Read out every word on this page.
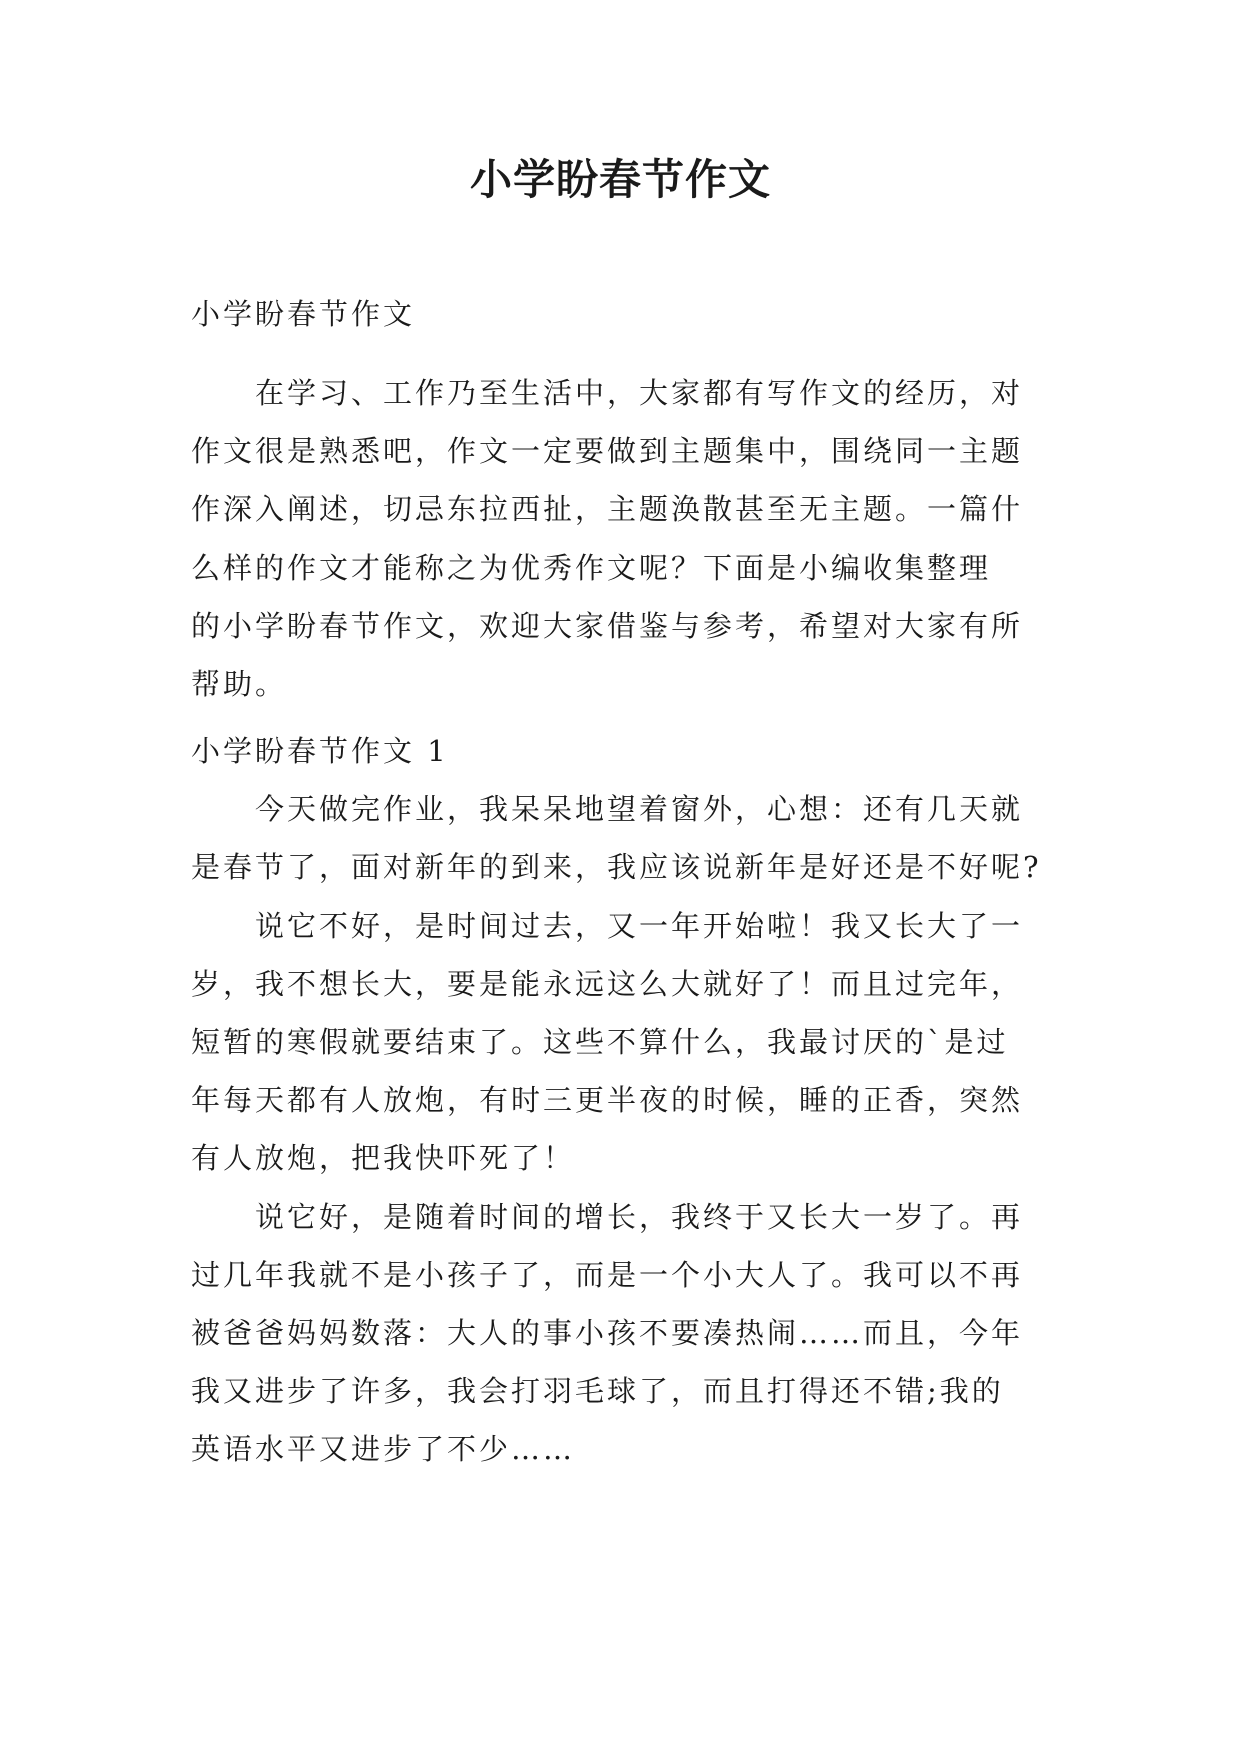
小学盼春节作文
小学盼春节作文
在学习、工作乃至生活中，大家都有写作文的经历，对
作文很是熟悉吧，作文一定要做到主题集中，围绕同一主题
作深入阐述，切忌东拉西扯，主题涣散甚至无主题。一篇什
么样的作文才能称之为优秀作文呢？下面是小编收集整理
的小学盼春节作文，欢迎大家借鉴与参考，希望对大家有所
帮助。
小学盼春节作文 1
今天做完作业，我呆呆地望着窗外，心想：还有几天就
是春节了，面对新年的到来，我应该说新年是好还是不好呢?
说它不好，是时间过去，又一年开始啦！我又长大了一
岁，我不想长大，要是能永远这么大就好了！而且过完年，
短暂的寒假就要结束了。这些不算什么，我最讨厌的`是过
年每天都有人放炮，有时三更半夜的时候，睡的正香，突然
有人放炮，把我快吓死了！
说它好，是随着时间的增长，我终于又长大一岁了。再
过几年我就不是小孩子了，而是一个小大人了。我可以不再
被爸爸妈妈数落：大人的事小孩不要凑热闹……而且，今年
我又进步了许多，我会打羽毛球了，而且打得还不错;我的
英语水平又进步了不少……
